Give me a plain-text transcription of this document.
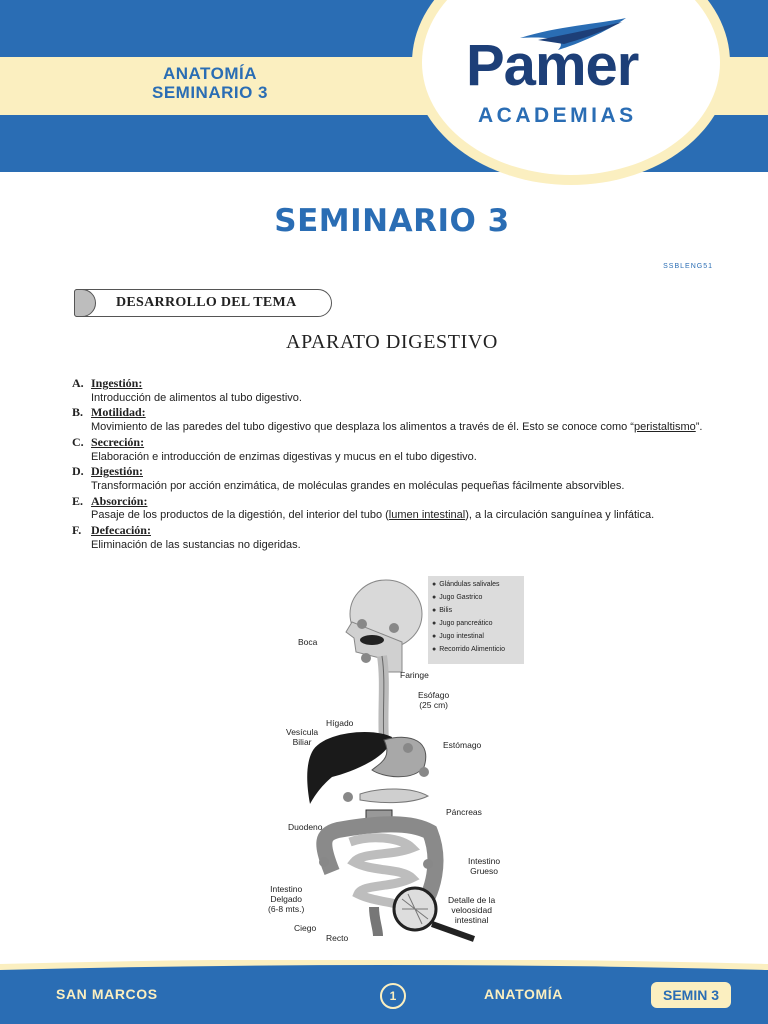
ANATOMÍA
SEMINARIO 3	Pamer
ACADEMIAS
SEMINARIO 3
SSBLENG51
DESARROLLO DEL TEMA
APARATO DIGESTIVO
A. Ingestión:
Introducción de alimentos al tubo digestivo.
B. Motilidad:
Movimiento de las paredes del tubo digestivo que desplaza los alimentos a través de él. Esto se conoce como “peristaltismo”.
C. Secreción:
Elaboración e introducción de enzimas digestivas y mucus en el tubo digestivo.
D. Digestión:
Transformación por acción enzimática, de moléculas grandes en moléculas pequeñas fácilmente absorvibles.
E. Absorción:
Pasaje de los productos de la digestión, del interior del tubo (lumen intestinal), a la circulación sanguínea y linfática.
F. Defecación:
Eliminación de las sustancias no digeridas.
● Glándulas salivales
● Jugo Gastrico
● Bilis
● Jugo pancreático
● Jugo intestinal
● Recorrido Alimenticio
Boca
Faringe
Esófago
(25 cm)
Hígado
Vesícula
Biliar	Estómago
Páncreas
Duodeno
Intestino
Grueso
Intestino
Delgado
(6-8 mts.)
Detalle de la
veloosidad
intestinal
Ciego
Recto
SAN MARCOS	1	ANATOMÍA	SEMIN 3
